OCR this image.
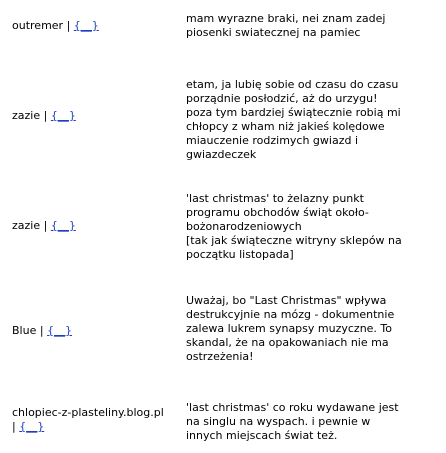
outremer | {__}
mam wyrazne braki, nei znam zadej
piosenki swiatecznej na pamiec
zazie | {__}
etam, ja lubię sobie od czasu do czasu
porządnie posłodzić, aż do urzygu!
poza tym bardziej świątecznie robią mi
chłopcy z wham niż jakieś kolędowe
miauczenie rodzimych gwiazd i
gwiazdeczek
zazie | {__}
'last christmas' to żelazny punkt
programu obchodów świąt około-
bożonarodzeniowych
[tak jak świąteczne witryny sklepów na
początku listopada]
Blue | {__}
Uważaj, bo "Last Christmas" wpływa
destrukcyjnie na mózg - dokumentnie
zalewa lukrem synapsy muzyczne. To
skandal, że na opakowaniach nie ma
ostrzeżenia!
chlopiec-z-plasteliny.blog.pl
| {__}
'last christmas' co roku wydawane jest
na singlu na wyspach. i pewnie w
innych miejscach świat też.
